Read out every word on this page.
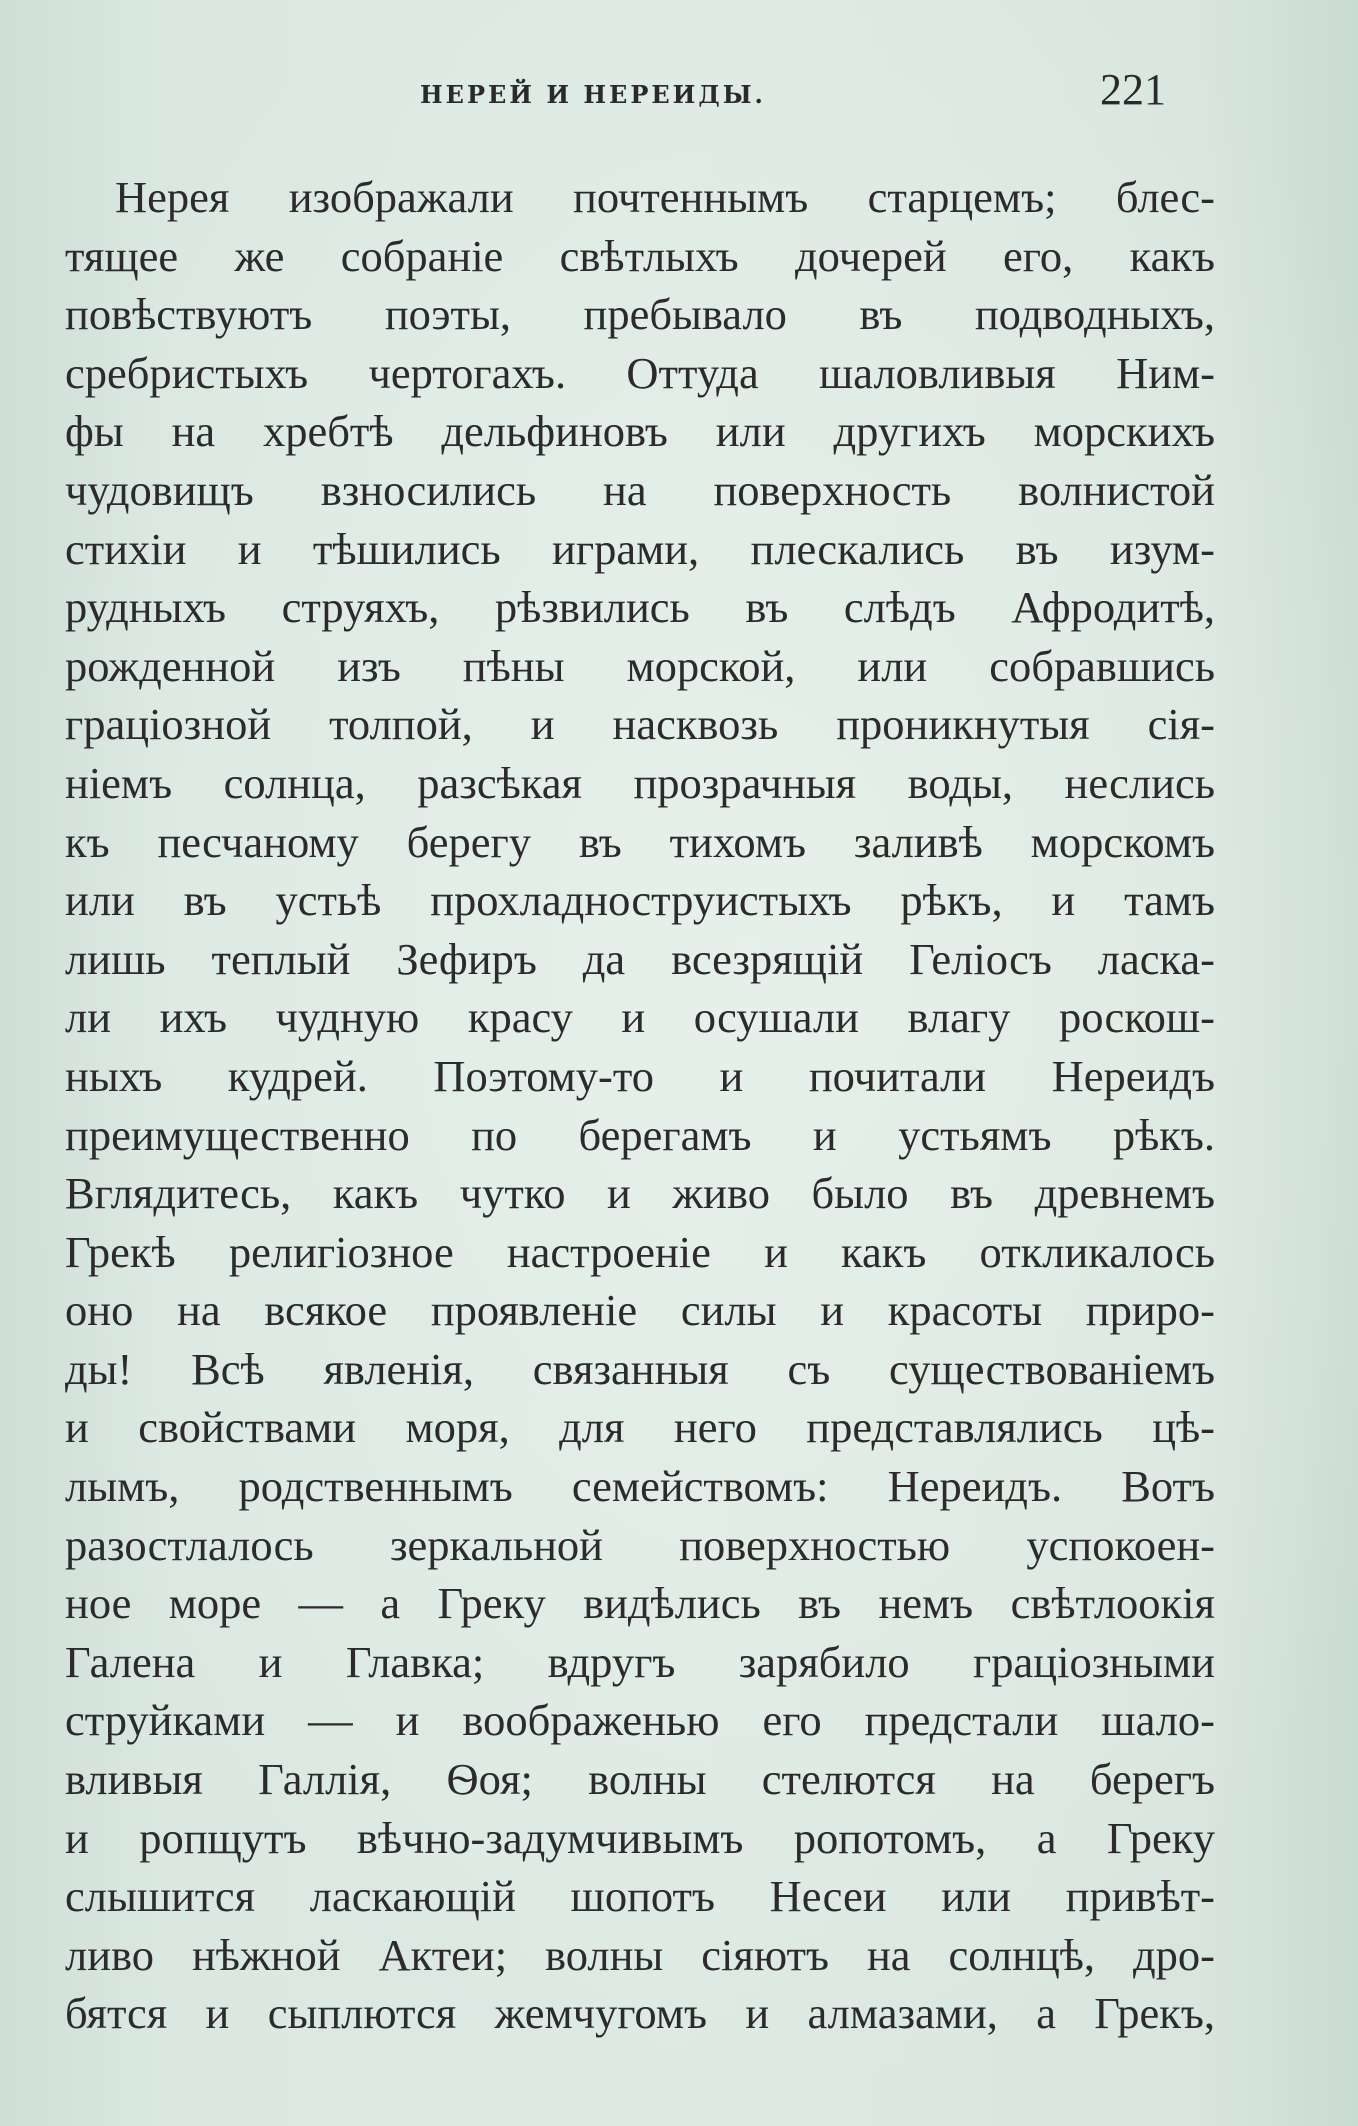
НЕРЕЙ И НЕРЕИДЫ.	221
Нерея изображали почтеннымъ старцемъ; блес-
тящее же собраніе свѣтлыхъ дочерей его, какъ
повѣствуютъ поэты, пребывало въ подводныхъ,
сребристыхъ чертогахъ. Оттуда шаловливыя Ним-
фы на хребтѣ дельфиновъ или другихъ морскихъ
чудовищъ взносились на поверхность волнистой
стихіи и тѣшились играми, плескались въ изум-
рудныхъ струяхъ, рѣзвились въ слѣдъ Афродитѣ,
рожденной изъ пѣны морской, или собравшись
граціозной толпой, и насквозь проникнутыя сія-
ніемъ солнца, разсѣкая прозрачныя воды, неслись
къ песчаному берегу въ тихомъ заливѣ морскомъ
или въ устьѣ прохладноструистыхъ рѣкъ, и тамъ
лишь теплый Зефиръ да всезрящій Геліосъ ласка-
ли ихъ чудную красу и осушали влагу роскош-
ныхъ кудрей. Поэтому-то и почитали Нереидъ
преимущественно по берегамъ и устьямъ рѣкъ.
Вглядитесь, какъ чутко и живо было въ древнемъ
Грекѣ религіозное настроеніе и какъ откликалось
оно на всякое проявленіе силы и красоты приро-
ды! Всѣ явленія, связанныя съ существованіемъ
и свойствами моря, для него представлялись цѣ-
лымъ, родственнымъ семействомъ: Нереидъ. Вотъ
разостлалось зеркальной поверхностью успокоен-
ное море — а Греку видѣлись въ немъ свѣтлоокія
Галена и Главка; вдругъ зарябило граціозными
струйками — и воображенью его предстали шало-
вливыя Галлія, Ѳоя; волны стелются на берегъ
и ропщутъ вѣчно-задумчивымъ ропотомъ, а Греку
слышится ласкающій шопотъ Несеи или привѣт-
ливо нѣжной Актеи; волны сіяютъ на солнцѣ, дро-
бятся и сыплются жемчугомъ и алмазами, а Грекъ,
